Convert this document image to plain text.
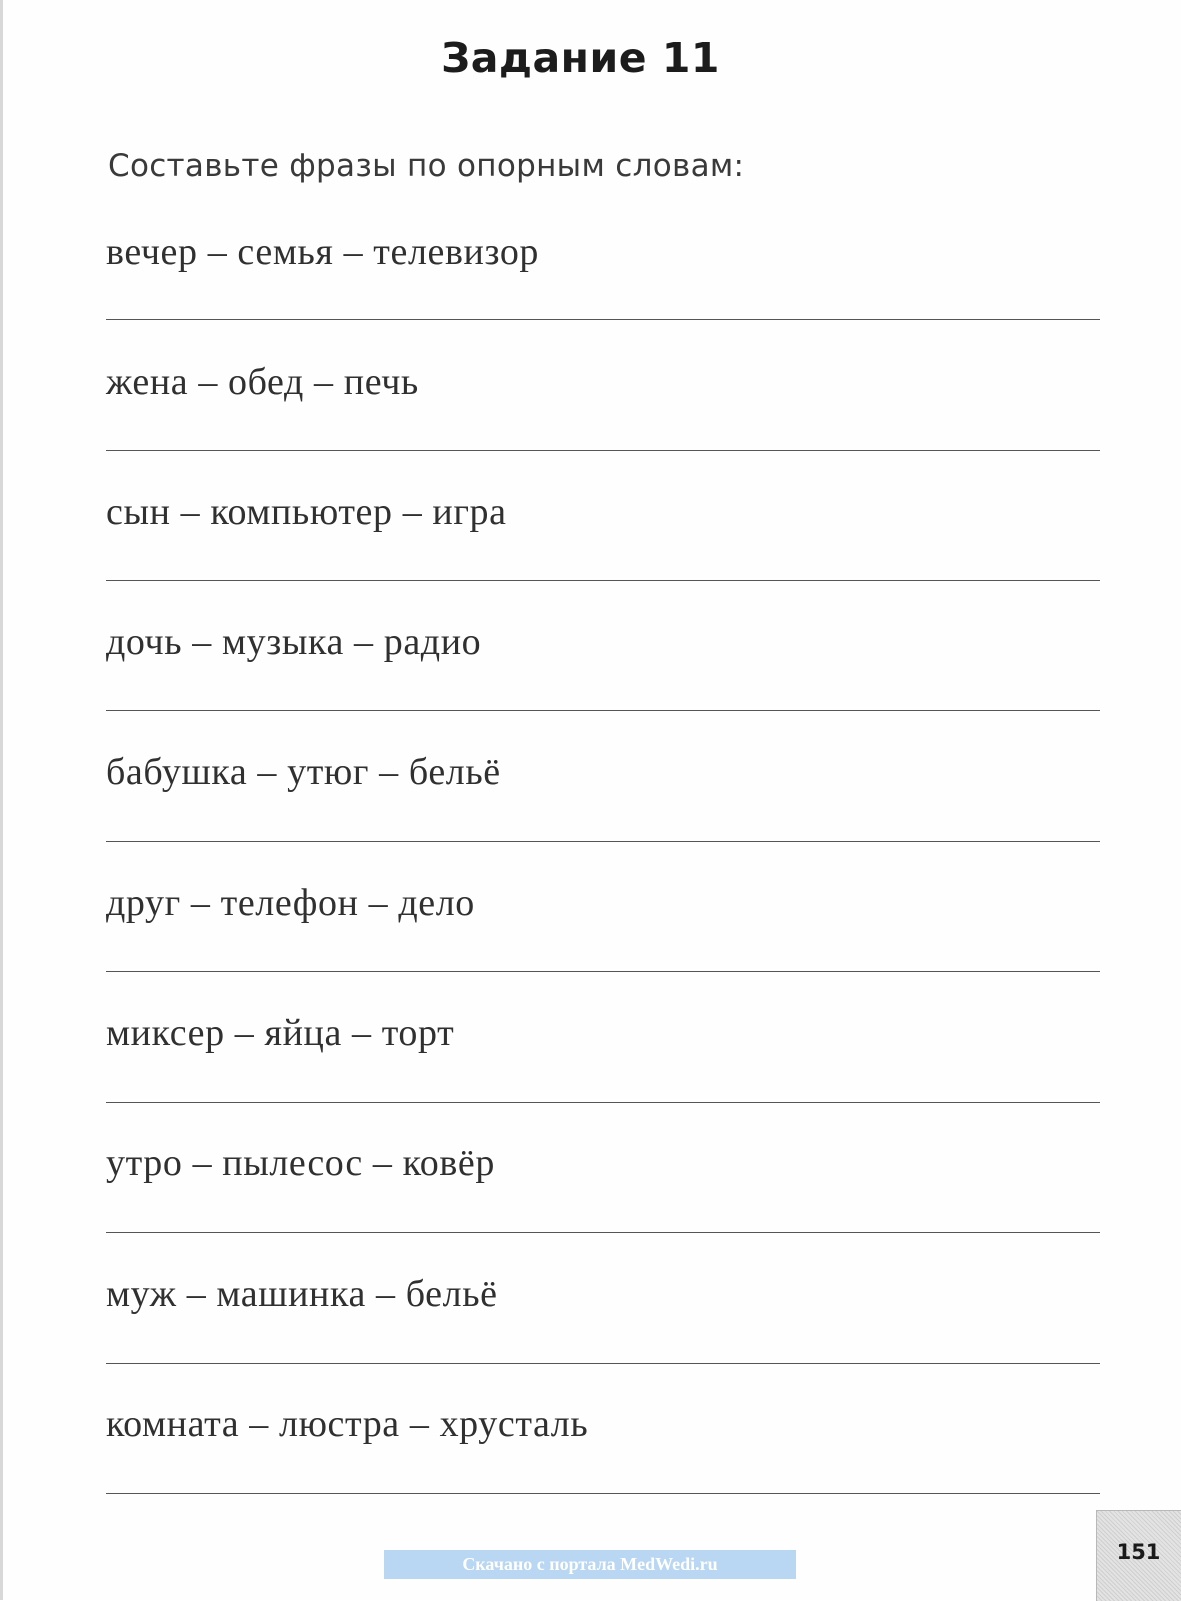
Задание 11
Составьте фразы по опорным словам:
вечер – семья – телевизор
жена – обед – печь
сын – компьютер – игра
дочь – музыка – радио
бабушка – утюг – бельё
друг – телефон – дело
миксер – яйца – торт
утро – пылесос – ковёр
муж – машинка – бельё
комната – люстра – хрусталь
151
Скачано с портала MedWedi.ru
